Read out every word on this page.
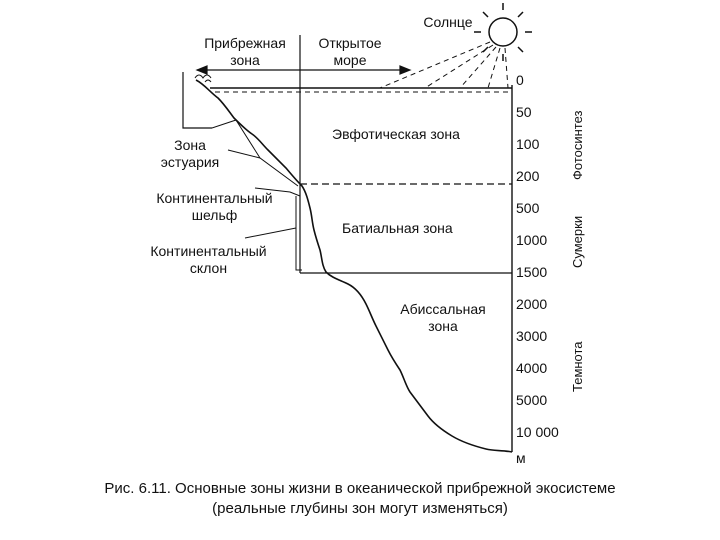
Солнце
Прибрежная зона
Открытое море
Эвфотическая зона
Батиальная зона
Абиссальная зона
Зона эстуария
Континентальный шельф
Континентальный склон
0
50
100
200
500
1000
1500
2000
3000
4000
5000
10 000
м
Фотосинтез
Сумерки
Темнота
Рис. 6.11. Основные зоны жизни в океанической прибрежной экосистеме
(реальные глубины зон могут изменяться)
